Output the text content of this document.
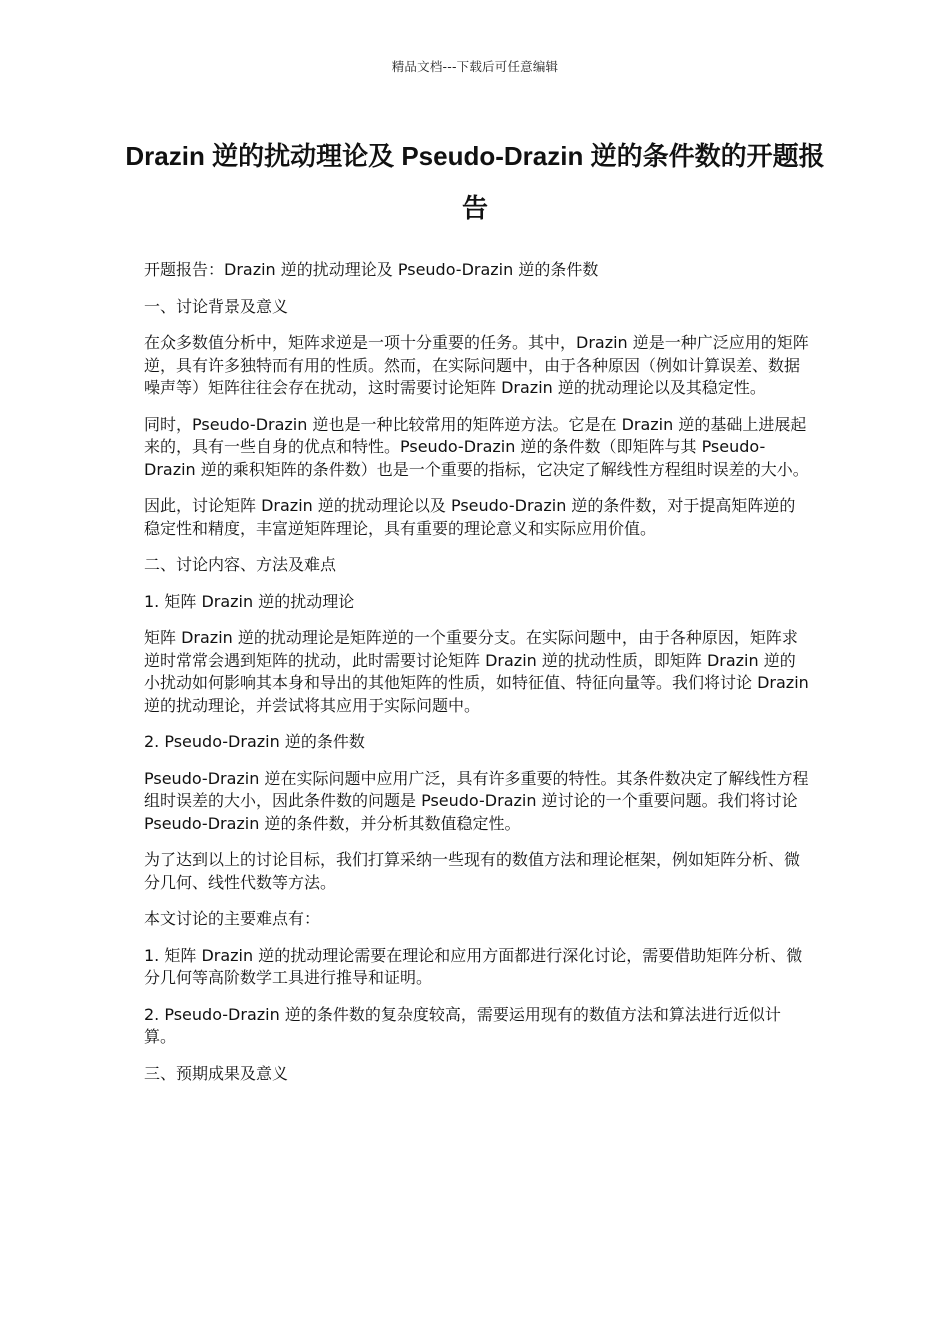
精品文档---下载后可任意编辑
Drazin 逆的扰动理论及 Pseudo-Drazin 逆的条件数的开题报告

开题报告：Drazin 逆的扰动理论及 Pseudo-Drazin 逆的条件数

一、讨论背景及意义

在众多数值分析中，矩阵求逆是一项十分重要的任务。其中，Drazin 逆是一种广泛应用的矩阵逆，具有许多独特而有用的性质。然而，在实际问题中，由于各种原因（例如计算误差、数据噪声等）矩阵往往会存在扰动，这时需要讨论矩阵 Drazin 逆的扰动理论以及其稳定性。

同时，Pseudo-Drazin 逆也是一种比较常用的矩阵逆方法。它是在 Drazin 逆的基础上进展起来的，具有一些自身的优点和特性。Pseudo-Drazin 逆的条件数（即矩阵与其 Pseudo-Drazin 逆的乘积矩阵的条件数）也是一个重要的指标，它决定了解线性方程组时误差的大小。

因此，讨论矩阵 Drazin 逆的扰动理论以及 Pseudo-Drazin 逆的条件数，对于提高矩阵逆的稳定性和精度，丰富逆矩阵理论，具有重要的理论意义和实际应用价值。

二、讨论内容、方法及难点

1. 矩阵 Drazin 逆的扰动理论

矩阵 Drazin 逆的扰动理论是矩阵逆的一个重要分支。在实际问题中，由于各种原因，矩阵求逆时常常会遇到矩阵的扰动，此时需要讨论矩阵 Drazin 逆的扰动性质，即矩阵 Drazin 逆的小扰动如何影响其本身和导出的其他矩阵的性质，如特征值、特征向量等。我们将讨论 Drazin 逆的扰动理论，并尝试将其应用于实际问题中。

2. Pseudo-Drazin 逆的条件数

Pseudo-Drazin 逆在实际问题中应用广泛，具有许多重要的特性。其条件数决定了解线性方程组时误差的大小，因此条件数的问题是 Pseudo-Drazin 逆讨论的一个重要问题。我们将讨论 Pseudo-Drazin 逆的条件数，并分析其数值稳定性。

为了达到以上的讨论目标，我们打算采纳一些现有的数值方法和理论框架，例如矩阵分析、微分几何、线性代数等方法。

本文讨论的主要难点有：

1. 矩阵 Drazin 逆的扰动理论需要在理论和应用方面都进行深化讨论，需要借助矩阵分析、微分几何等高阶数学工具进行推导和证明。

2. Pseudo-Drazin 逆的条件数的复杂度较高，需要运用现有的数值方法和算法进行近似计算。

三、预期成果及意义
